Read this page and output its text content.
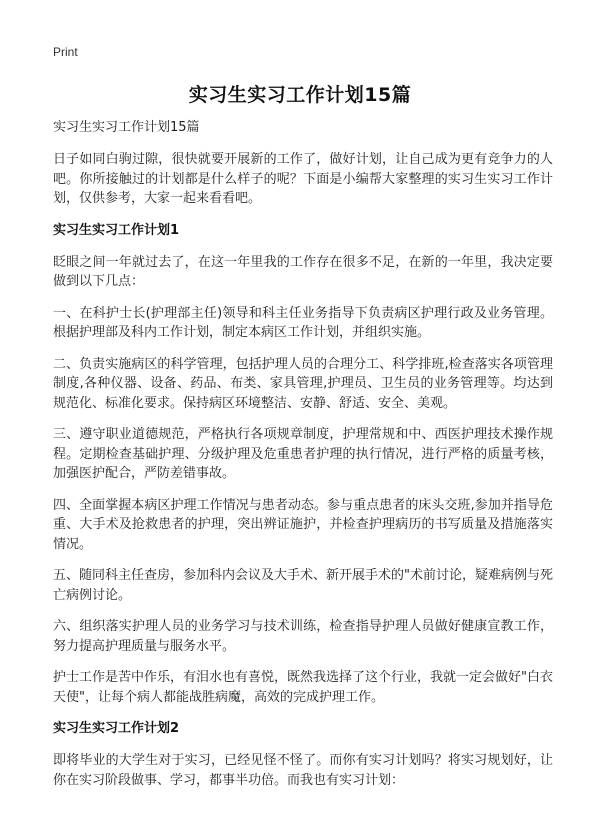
Print
实习生实习工作计划15篇

实习生实习工作计划15篇

日子如同白驹过隙，很快就要开展新的工作了，做好计划，让自己成为更有竞争力的人吧。你所接触过的计划都是什么样子的呢？下面是小编帮大家整理的实习生实习工作计划，仅供参考，大家一起来看看吧。

实习生实习工作计划1

眨眼之间一年就过去了，在这一年里我的工作存在很多不足，在新的一年里，我决定要做到以下几点：

一、在科护士长(护理部主任)领导和科主任业务指导下负责病区护理行政及业务管理。根据护理部及科内工作计划，制定本病区工作计划，并组织实施。

二、负责实施病区的科学管理，包括护理人员的合理分工、科学排班,检查落实各项管理制度,各种仪器、设备、药品、布类、家具管理,护理员、卫生员的业务管理等。均达到规范化、标准化要求。保持病区环境整洁、安静、舒适、安全、美观。

三、遵守职业道德规范，严格执行各项规章制度，护理常规和中、西医护理技术操作规程。定期检查基础护理、分级护理及危重患者护理的执行情况，进行严格的质量考核，加强医护配合，严防差错事故。

四、全面掌握本病区护理工作情况与患者动态。参与重点患者的床头交班,参加并指导危重、大手术及抢救患者的护理，突出辨证施护，并检查护理病历的书写质量及措施落实情况。

五、随同科主任查房，参加科内会议及大手术、新开展手术的"术前讨论，疑难病例与死亡病例讨论。

六、组织落实护理人员的业务学习与技术训练，检查指导护理人员做好健康宣教工作，努力提高护理质量与服务水平。

护士工作是苦中作乐，有泪水也有喜悦，既然我选择了这个行业，我就一定会做好"白衣天使"，让每个病人都能战胜病魔，高效的完成护理工作。

实习生实习工作计划2

即将毕业的大学生对于实习，已经见怪不怪了。而你有实习计划吗？将实习规划好，让你在实习阶段做事、学习，都事半功倍。而我也有实习计划：
